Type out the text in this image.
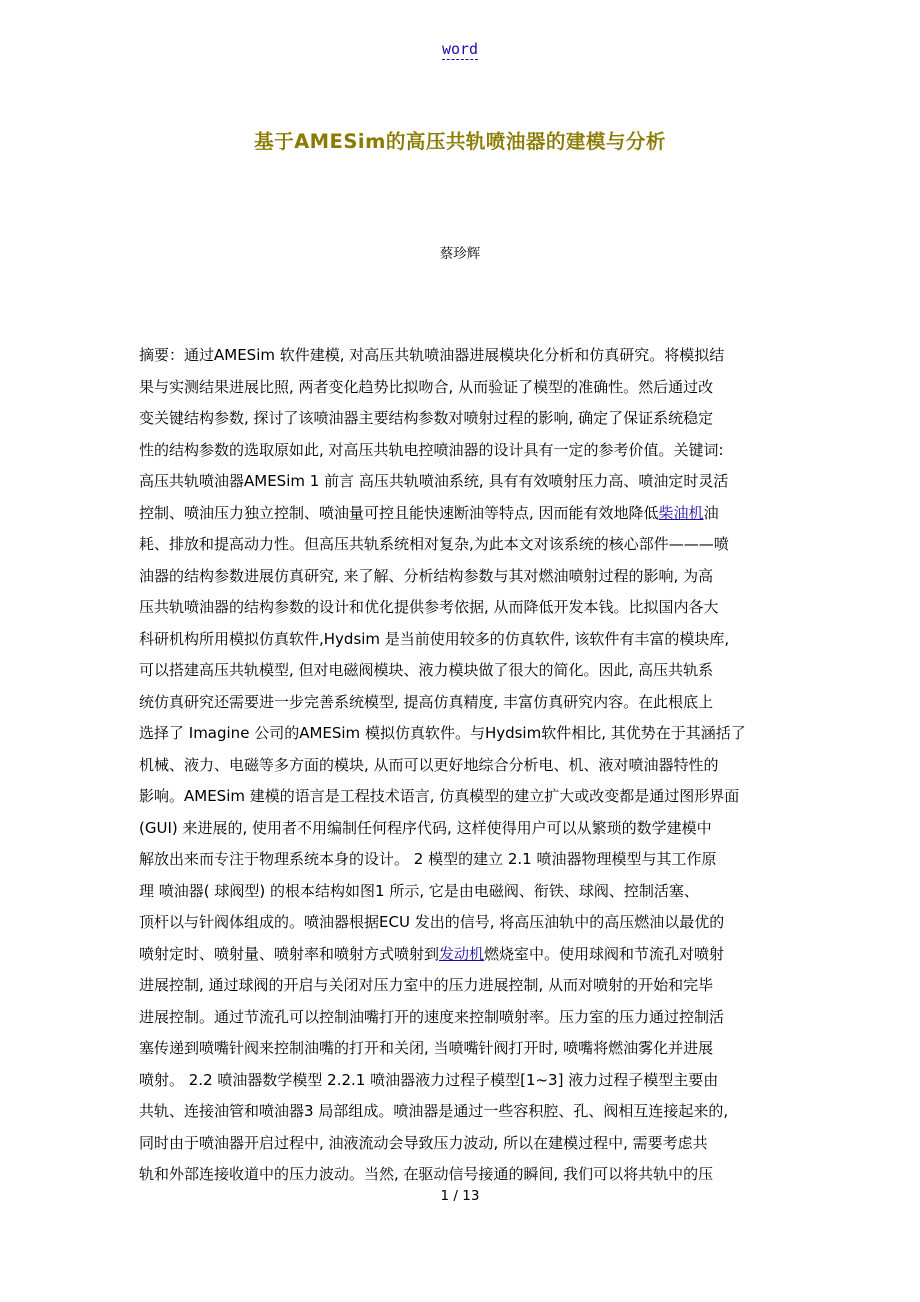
word
基于AMESim的高压共轨喷油器的建模与分析
蔡珍辉
摘要：通过AMESim 软件建模, 对高压共轨喷油器进展模块化分析和仿真研究。将模拟结
果与实测结果进展比照, 两者变化趋势比拟吻合, 从而验证了模型的准确性。然后通过改
变关键结构参数, 探讨了该喷油器主要结构参数对喷射过程的影响, 确定了保证系统稳定
性的结构参数的选取原如此, 对高压共轨电控喷油器的设计具有一定的参考价值。关键词:
高压共轨喷油器AMESim 1 前言 高压共轨喷油系统, 具有有效喷射压力高、喷油定时灵活
控制、喷油压力独立控制、喷油量可控且能快速断油等特点, 因而能有效地降低柴油机油
耗、排放和提高动力性。但高压共轨系统相对复杂,为此本文对该系统的核心部件———喷
油器的结构参数进展仿真研究, 来了解、分析结构参数与其对燃油喷射过程的影响, 为高
压共轨喷油器的结构参数的设计和优化提供参考依据, 从而降低开发本钱。比拟国内各大
科研机构所用模拟仿真软件,Hydsim 是当前使用较多的仿真软件, 该软件有丰富的模块库,
可以搭建高压共轨模型, 但对电磁阀模块、液力模块做了很大的简化。因此, 高压共轨系
统仿真研究还需要进一步完善系统模型, 提高仿真精度, 丰富仿真研究内容。在此根底上
选择了 Imagine 公司的AMESim 模拟仿真软件。与Hydsim软件相比, 其优势在于其涵括了
机械、液力、电磁等多方面的模块, 从而可以更好地综合分析电、机、液对喷油器特性的
影响。AMESim 建模的语言是工程技术语言, 仿真模型的建立扩大或改变都是通过图形界面
(GUI) 来进展的, 使用者不用编制任何程序代码, 这样使得用户可以从繁琐的数学建模中
解放出来而专注于物理系统本身的设计。 2 模型的建立 2.1 喷油器物理模型与其工作原
理 喷油器( 球阀型) 的根本结构如图1 所示, 它是由电磁阀、衔铁、球阀、控制活塞、
顶杆以与针阀体组成的。喷油器根据ECU 发出的信号, 将高压油轨中的高压燃油以最优的
喷射定时、喷射量、喷射率和喷射方式喷射到发动机燃烧室中。使用球阀和节流孔对喷射
进展控制, 通过球阀的开启与关闭对压力室中的压力进展控制, 从而对喷射的开始和完毕
进展控制。通过节流孔可以控制油嘴打开的速度来控制喷射率。压力室的压力通过控制活
塞传递到喷嘴针阀来控制油嘴的打开和关闭, 当喷嘴针阀打开时, 喷嘴将燃油雾化并进展
喷射。 2.2 喷油器数学模型 2.2.1 喷油器液力过程子模型[1~3] 液力过程子模型主要由
共轨、连接油管和喷油器3 局部组成。喷油器是通过一些容积腔、孔、阀相互连接起来的,
同时由于喷油器开启过程中, 油液流动会导致压力波动, 所以在建模过程中, 需要考虑共
轨和外部连接收道中的压力波动。当然, 在驱动信号接通的瞬间, 我们可以将共轨中的压
1 / 13
